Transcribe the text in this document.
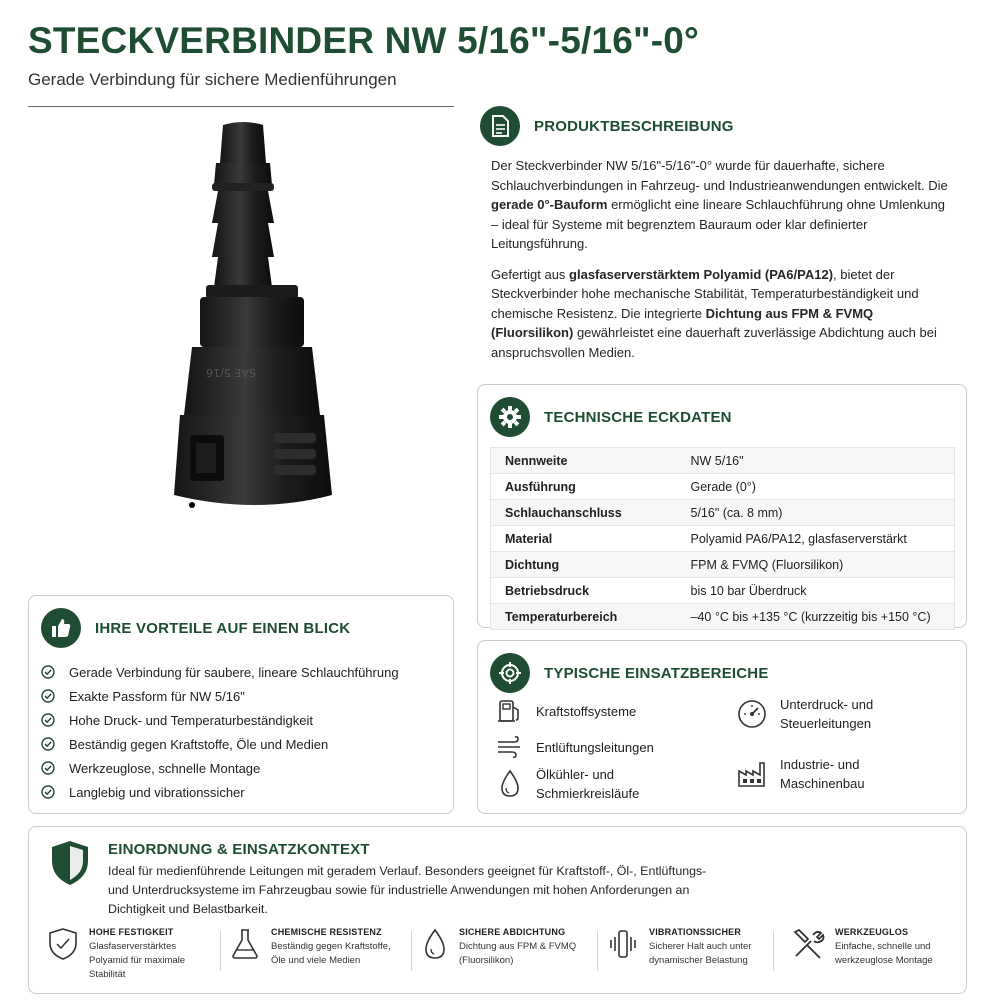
STECKVERBINDER NW 5/16"-5/16"-0°
Gerade Verbindung für sichere Medienführungen
SAE 5/16
PRODUKTBESCHREIBUNG

Der Steckverbinder NW 5/16"-5/16"-0° wurde für dauerhafte, sichere Schlauchverbindungen in Fahrzeug- und Industrieanwendungen entwickelt. Die gerade 0°-Bauform ermöglicht eine lineare Schlauchführung ohne Umlenkung – ideal für Systeme mit begrenztem Bauraum oder klar definierter Leitungsführung.

Gefertigt aus glasfaserverstärktem Polyamid (PA6/PA12), bietet der Steckverbinder hohe mechanische Stabilität, Temperaturbeständigkeit und chemische Resistenz. Die integrierte Dichtung aus FPM & FVMQ (Fluorsilikon) gewährleistet eine dauerhaft zuverlässige Abdichtung auch bei anspruchsvollen Medien.

TECHNISCHE ECKDATEN
Nennweite	NW 5/16"
Ausführung	Gerade (0°)
Schlauchanschluss	5/16" (ca. 8 mm)
Material	Polyamid PA6/PA12, glasfaserverstärkt
Dichtung	FPM & FVMQ (Fluorsilikon)
Betriebsdruck	bis 10 bar Überdruck
Temperaturbereich	–40 °C bis +135 °C (kurzzeitig bis +150 °C)
IHRE VORTEILE AUF EINEN BLICK
Gerade Verbindung für saubere, lineare Schlauchführung
Exakte Passform für NW 5/16"
Hohe Druck- und Temperaturbeständigkeit
Beständig gegen Kraftstoffe, Öle und Medien
Werkzeuglose, schnelle Montage
Langlebig und vibrationssicher
TYPISCHE EINSATZBEREICHE
Kraftstoffsysteme
Entlüftungsleitungen
Ölkühler- und
Schmierkreisläufe
Unterdruck- und
Steuerleitungen
Industrie- und
Maschinenbau
EINORDNUNG & EINSATZKONTEXT

Ideal für medienführende Leitungen mit geradem Verlauf. Besonders geeignet für Kraftstoff-, Öl-, Entlüftungs- und Unterdrucksysteme im Fahrzeugbau sowie für industrielle Anwendungen mit hohen Anforderungen an Dichtigkeit und Belastbarkeit.

HOHE FESTIGKEIT
Glasfaserverstärktes
Polyamid für maximale
Stabilität
CHEMISCHE RESISTENZ
Beständig gegen Kraftstoffe,
Öle und viele Medien
SICHERE ABDICHTUNG
Dichtung aus FPM & FVMQ
(Fluorsilikon)
VIBRATIONSSICHER
Sicherer Halt auch unter
dynamischer Belastung
WERKZEUGLOS
Einfache, schnelle und
werkzeuglose Montage
